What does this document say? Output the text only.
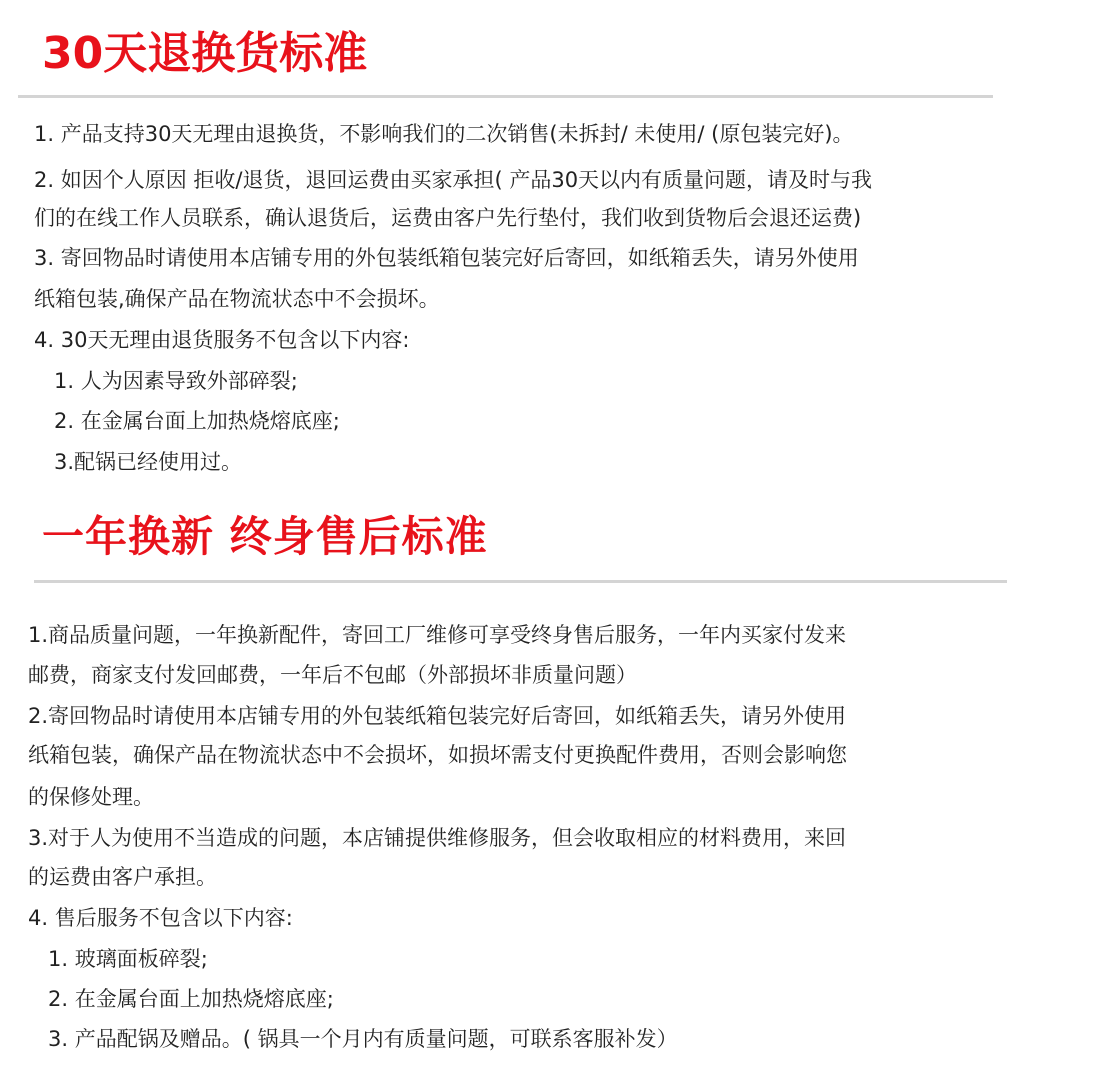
30天退换货标准
1. 产品支持30天无理由退换货，不影响我们的二次销售(未拆封/ 未使用/ (原包装完好)。
2. 如因个人原因 拒收/退货，退回运费由买家承担( 产品30天以内有质量问题，请及时与我
们的在线工作人员联系，确认退货后，运费由客户先行垫付，我们收到货物后会退还运费)
3. 寄回物品时请使用本店铺专用的外包装纸箱包装完好后寄回，如纸箱丢失，请另外使用
纸箱包装,确保产品在物流状态中不会损坏。
4. 30天无理由退货服务不包含以下内容:
1. 人为因素导致外部碎裂;
2. 在金属台面上加热烧熔底座;
3.配锅已经使用过。
一年换新 终身售后标准
1.商品质量问题，一年换新配件，寄回工厂维修可享受终身售后服务，一年内买家付发来
邮费，商家支付发回邮费，一年后不包邮（外部损坏非质量问题）
2.寄回物品时请使用本店铺专用的外包装纸箱包装完好后寄回，如纸箱丢失，请另外使用
纸箱包装，确保产品在物流状态中不会损坏，如损坏需支付更换配件费用，否则会影响您
的保修处理。
3.对于人为使用不当造成的问题，本店铺提供维修服务，但会收取相应的材料费用，来回
的运费由客户承担。
4. 售后服务不包含以下内容:
1. 玻璃面板碎裂;
2. 在金属台面上加热烧熔底座;
3. 产品配锅及赠品。( 锅具一个月内有质量问题，可联系客服补发）
